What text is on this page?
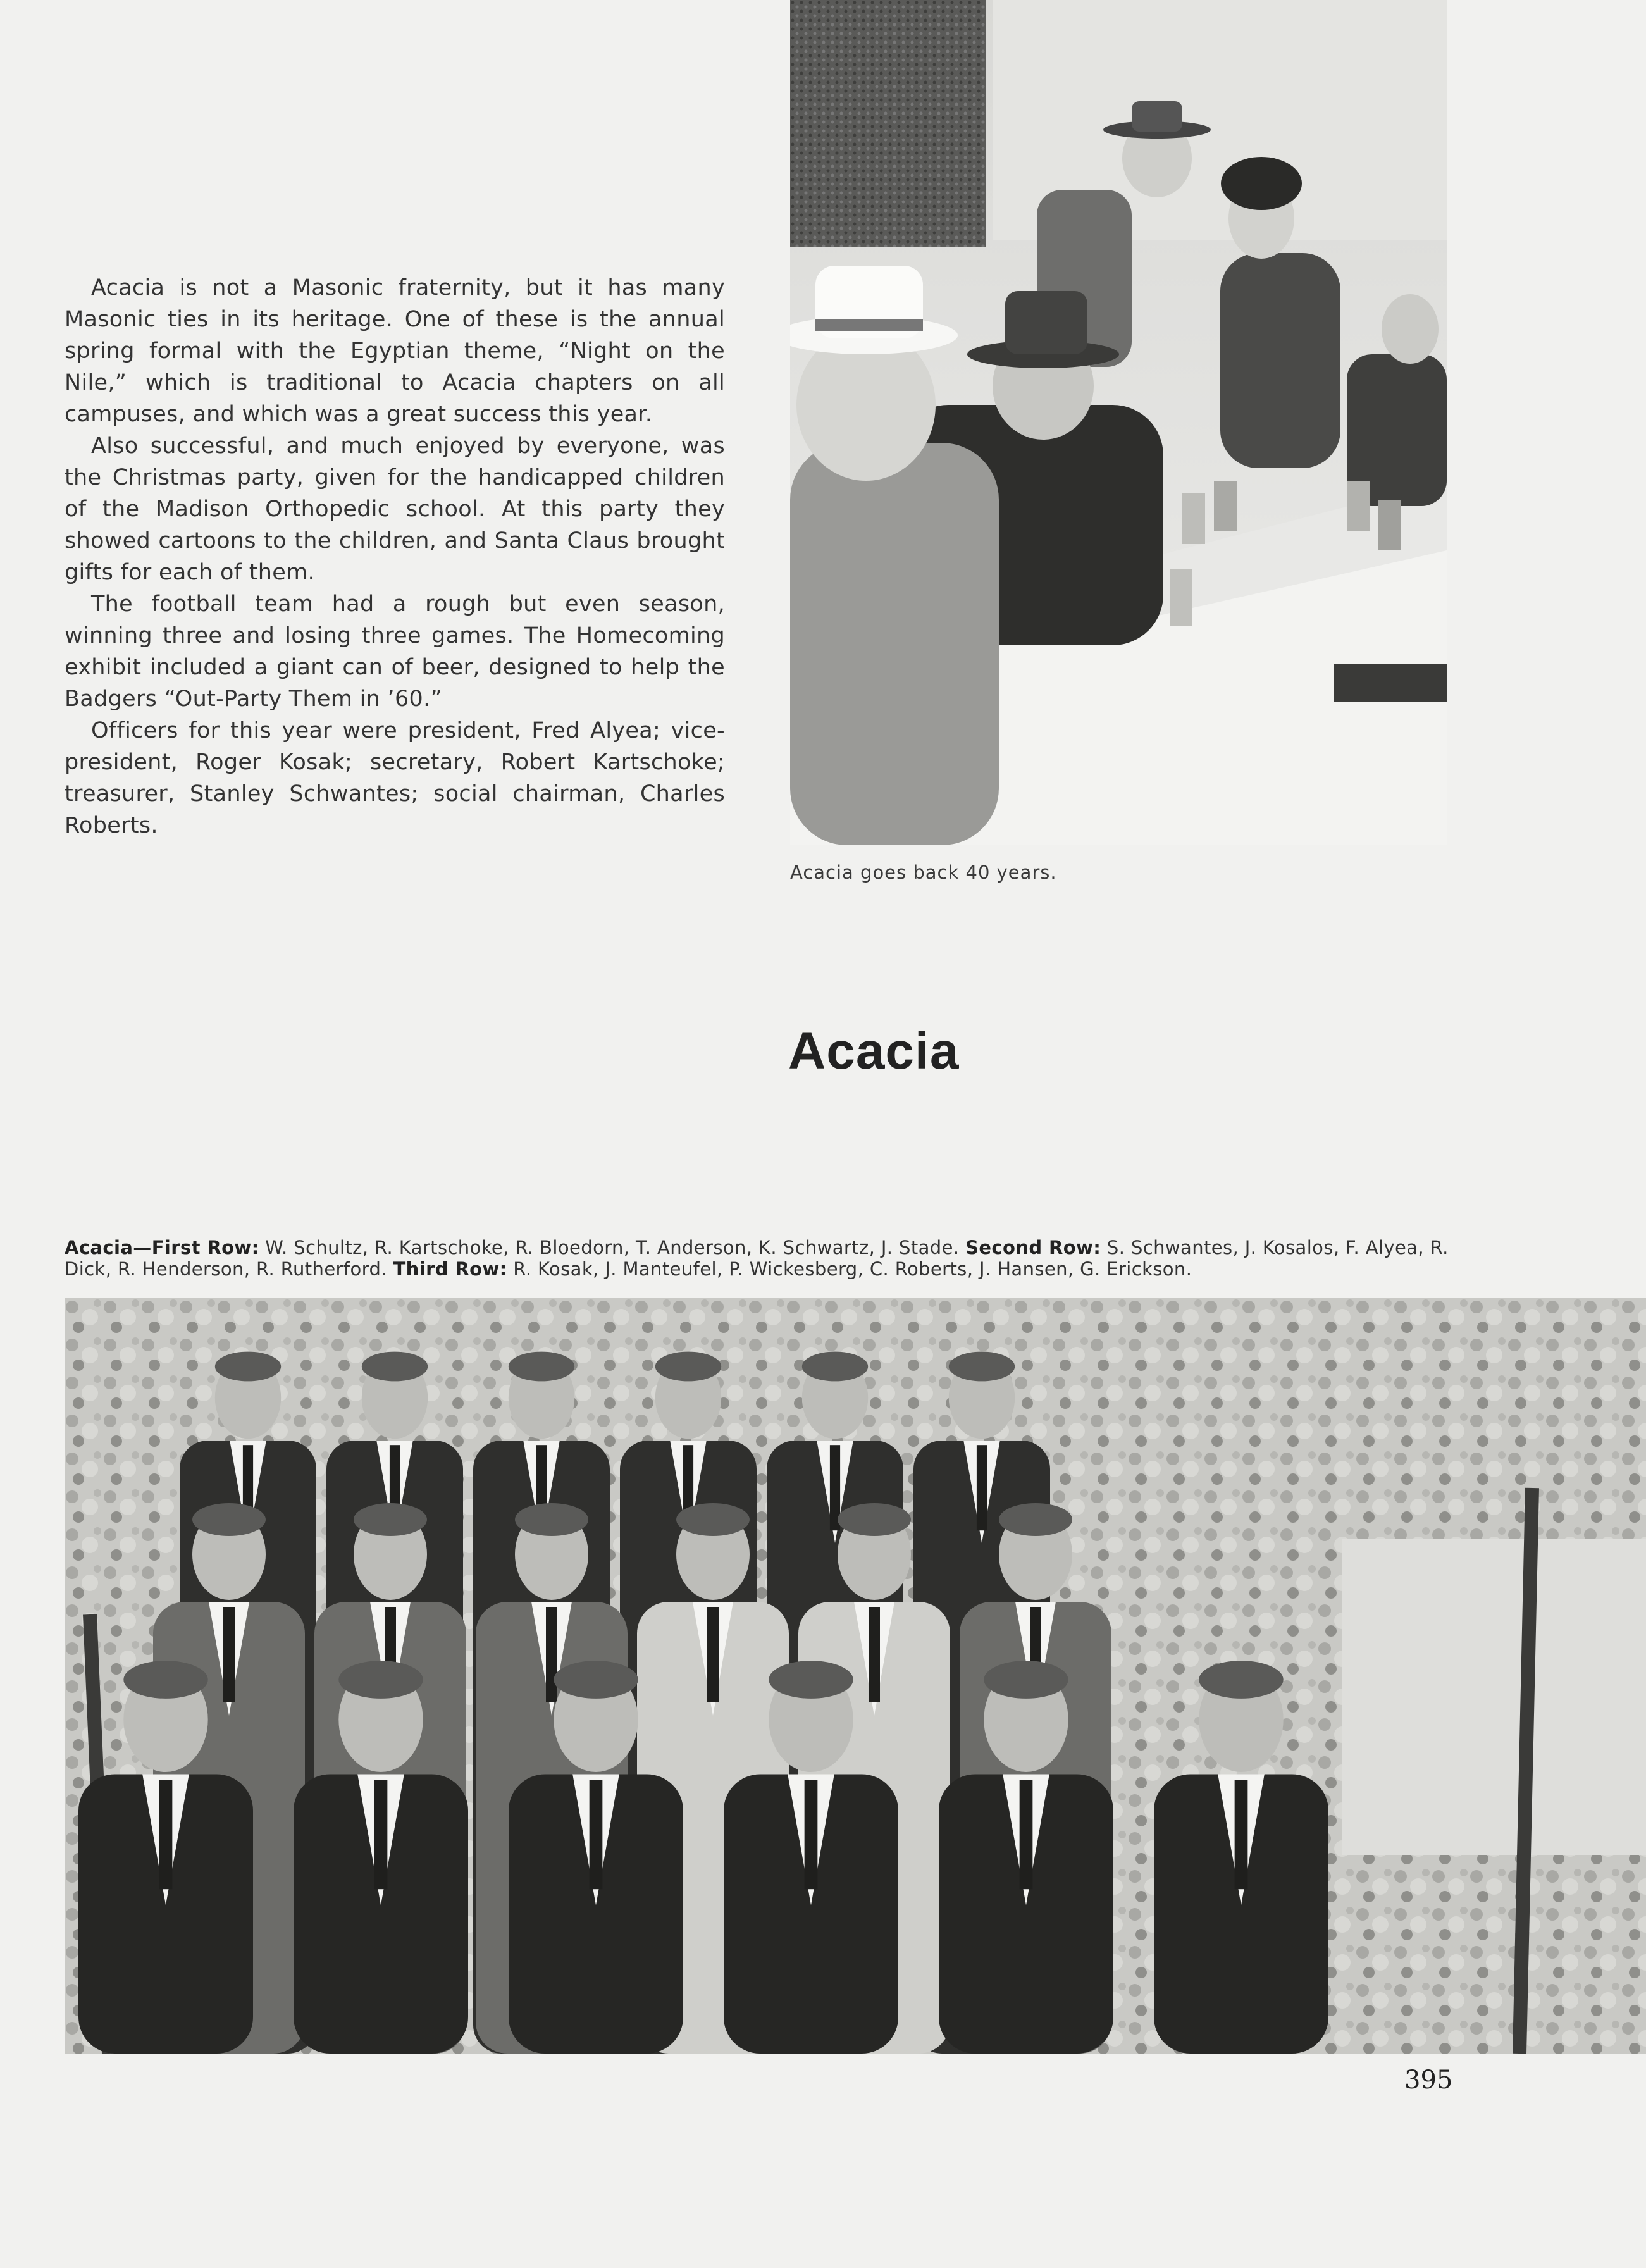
Acacia is not a Masonic fraternity, but it has many Masonic ties in its heritage. One of these is the annual spring formal with the Egyptian theme, “Night on the Nile,” which is traditional to Acacia chapters on all campuses, and which was a great success this year.

Also successful, and much enjoyed by everyone, was the Christmas party, given for the handicapped children of the Madison Orthopedic school. At this party they showed cartoons to the children, and Santa Claus brought gifts for each of them.

The football team had a rough but even season, winning three and losing three games. The Homecoming exhibit included a giant can of beer, designed to help the Badgers “Out-Party Them in ’60.”

Officers for this year were president, Fred Alyea; vice-president, Roger Kosak; secretary, Robert Kartschoke; treasurer, Stanley Schwantes; social chairman, Charles Roberts.

Acacia goes back 40 years.
Acacia
Acacia—First Row: W. Schultz, R. Kartschoke, R. Bloedorn, T. Anderson, K. Schwartz, J. Stade. Second Row: S. Schwantes, J. Kosalos, F. Alyea, R. Dick, R. Henderson, R. Rutherford. Third Row: R. Kosak, J. Manteufel, P. Wickesberg, C. Roberts, J. Hansen, G. Erickson.
395
